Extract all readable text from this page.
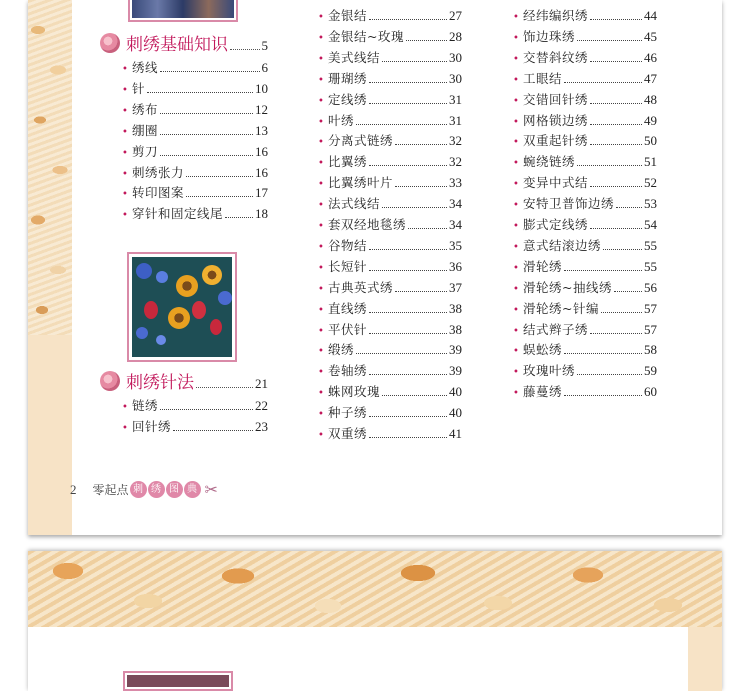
刺绣基础知识	5
• 绣线	6
• 针	10
• 绣布	12
• 绷圈	13
• 剪刀	16
• 刺绣张力	16
• 转印图案	17
• 穿针和固定线尾 18
刺绣针法	21
• 链绣	22
• 回针绣	23
• 金银结	27
• 金银结~玫瑰	28
• 美式线结	30
• 珊瑚绣	30
• 定线绣	31
• 叶绣	31
• 分离式链绣	32
• 比翼绣	32
• 比翼绣叶片	33
• 法式线结	34
• 套双经地毯绣	34
• 谷物结	35
• 长短针	36
• 古典英式绣	37
• 直线绣	38
• 平伏针	38
• 缎绣	39
• 卷轴绣	39
• 蛛网玫瑰	40
• 种子绣	40
• 双重绣	41
• 经纬编织绣	44
• 饰边珠绣	45
• 交替斜纹绣	46
• 工眼结	47
• 交错回针绣	48
• 网格锁边绣	49
• 双重起针绣	50
• 蜿绕链绣	51
• 变异中式结	52
• 安特卫普饰边绣 53
• 膨式定线绣	54
• 意式结滚边绣	55
• 滑轮绣	55
• 滑轮绣~抽线绣 56
• 滑轮绣~针编	57
• 结式辫子绣	57
• 蜈蚣绣	58
• 玫瑰叶绣	59
• 藤蔓绣	60
2 零起点 刺 绣 图 典 ✂
